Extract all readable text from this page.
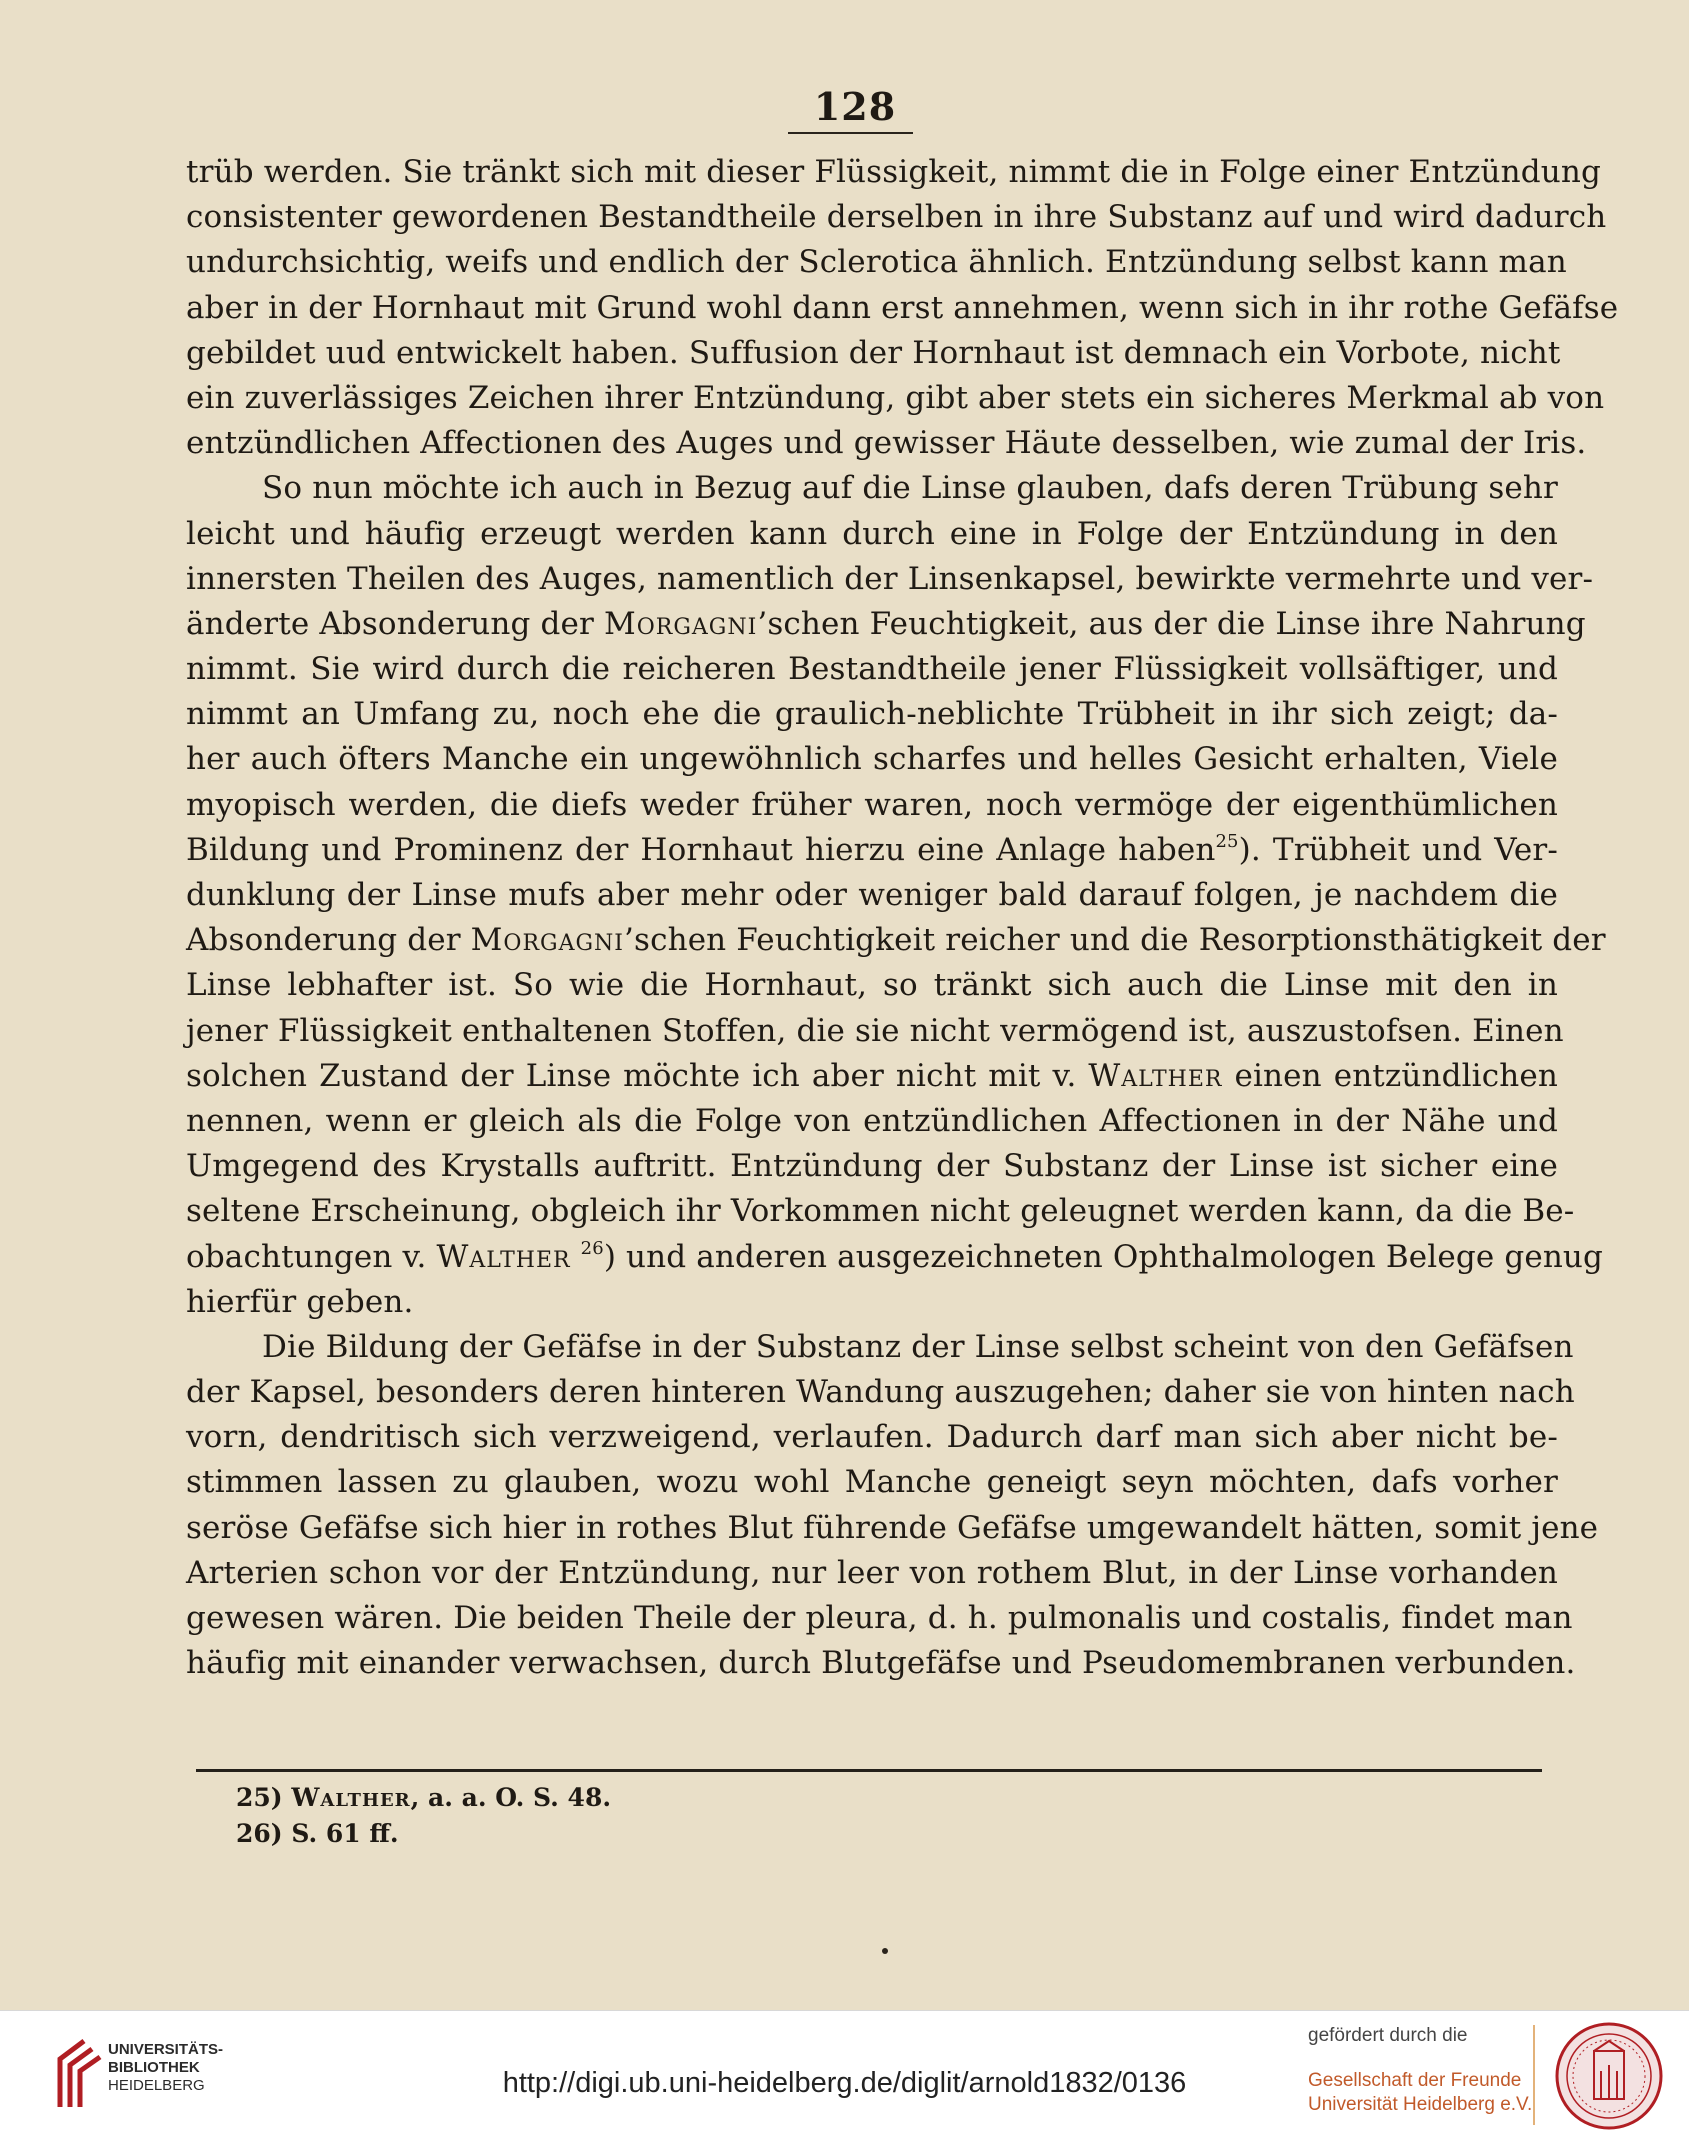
128
trüb werden. Sie tränkt sich mit dieser Flüssigkeit, nimmt die in Folge einer Entzündung
consistenter gewordenen Bestandtheile derselben in ihre Substanz auf und wird dadurch
undurchsichtig, weifs und endlich der Sclerotica ähnlich. Entzündung selbst kann man
aber in der Hornhaut mit Grund wohl dann erst annehmen, wenn sich in ihr rothe Gefäfse
gebildet uud entwickelt haben. Suffusion der Hornhaut ist demnach ein Vorbote, nicht
ein zuverlässiges Zeichen ihrer Entzündung, gibt aber stets ein sicheres Merkmal ab von
entzündlichen Affectionen des Auges und gewisser Häute desselben, wie zumal der Iris.
So nun möchte ich auch in Bezug auf die Linse glauben, dafs deren Trübung sehr
leicht und häufig erzeugt werden kann durch eine in Folge der Entzündung in den
innersten Theilen des Auges, namentlich der Linsenkapsel, bewirkte vermehrte und ver-
änderte Absonderung der Morgagni’schen Feuchtigkeit, aus der die Linse ihre Nahrung
nimmt. Sie wird durch die reicheren Bestandtheile jener Flüssigkeit vollsäftiger, und
nimmt an Umfang zu, noch ehe die graulich-neblichte Trübheit in ihr sich zeigt; da-
her auch öfters Manche ein ungewöhnlich scharfes und helles Gesicht erhalten, Viele
myopisch werden, die diefs weder früher waren, noch vermöge der eigenthümlichen
Bildung und Prominenz der Hornhaut hierzu eine Anlage haben$^{25}$). Trübheit und Ver-
dunklung der Linse mufs aber mehr oder weniger bald darauf folgen, je nachdem die
Absonderung der Morgagni’schen Feuchtigkeit reicher und die Resorptionsthätigkeit der
Linse lebhafter ist. So wie die Hornhaut, so tränkt sich auch die Linse mit den in
jener Flüssigkeit enthaltenen Stoffen, die sie nicht vermögend ist, auszustofsen. Einen
solchen Zustand der Linse möchte ich aber nicht mit v. Walther einen entzündlichen
nennen, wenn er gleich als die Folge von entzündlichen Affectionen in der Nähe und
Umgegend des Krystalls auftritt. Entzündung der Substanz der Linse ist sicher eine
seltene Erscheinung, obgleich ihr Vorkommen nicht geleugnet werden kann, da die Be-
obachtungen v. Walther $^{26}$) und anderen ausgezeichneten Ophthalmologen Belege genug
hierfür geben.
Die Bildung der Gefäfse in der Substanz der Linse selbst scheint von den Gefäfsen
der Kapsel, besonders deren hinteren Wandung auszugehen; daher sie von hinten nach
vorn, dendritisch sich verzweigend, verlaufen. Dadurch darf man sich aber nicht be-
stimmen lassen zu glauben, wozu wohl Manche geneigt seyn möchten, dafs vorher
seröse Gefäfse sich hier in rothes Blut führende Gefäfse umgewandelt hätten, somit jene
Arterien schon vor der Entzündung, nur leer von rothem Blut, in der Linse vorhanden
gewesen wären. Die beiden Theile der pleura, d. h. pulmonalis und costalis, findet man
häufig mit einander verwachsen, durch Blutgefäfse und Pseudomembranen verbunden.
25) Walther, a. a. O. S. 48.
26) S. 61 ff.
UNIVERSITÄTS-
BIBLIOTHEK
HEIDELBERG	http://digi.ub.uni-heidelberg.de/diglit/arnold1832/0136
gefördert durch die
Gesellschaft der Freunde
Universität Heidelberg e.V.
